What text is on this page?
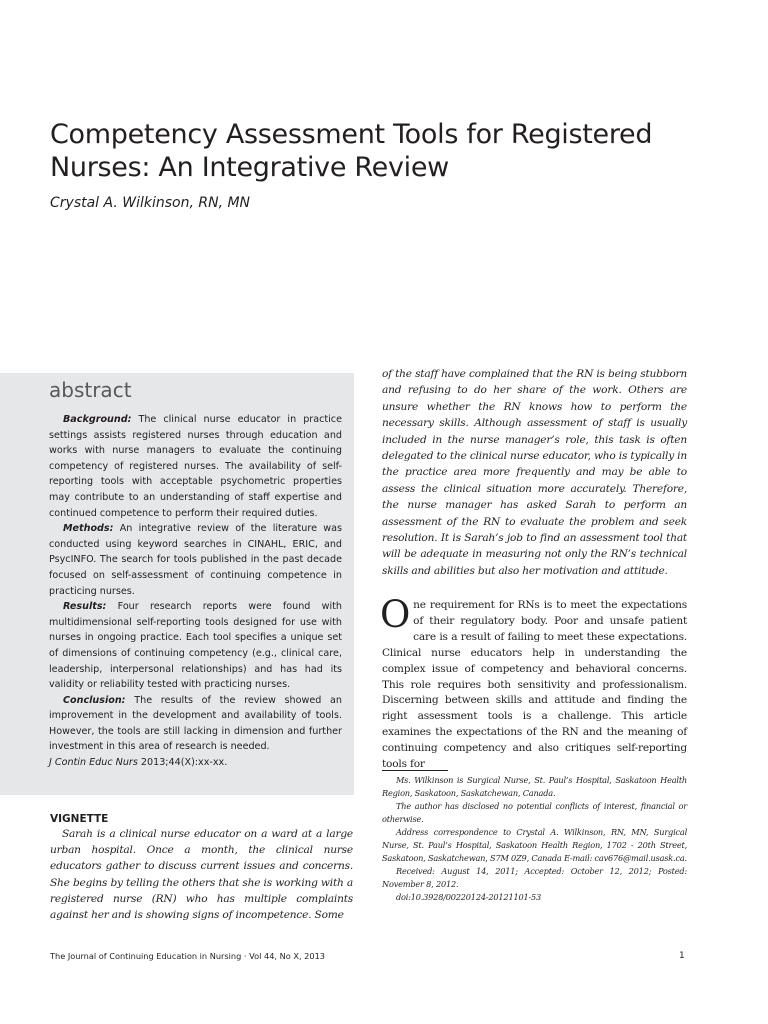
Competency Assessment Tools for Registered Nurses: An Integrative Review
Crystal A. Wilkinson, RN, MN
abstract

Background: The clinical nurse educator in practice settings assists registered nurses through education and works with nurse managers to evaluate the continuing competency of registered nurses. The availability of self-reporting tools with acceptable psychometric properties may contribute to an understanding of staff expertise and continued competence to perform their required duties.

Methods: An integrative review of the literature was conducted using keyword searches in CINAHL, ERIC, and PsycINFO. The search for tools published in the past decade focused on self-assessment of continuing competence in practicing nurses.

Results: Four research reports were found with multidimensional self-reporting tools designed for use with nurses in ongoing practice. Each tool specifies a unique set of dimensions of continuing competency (e.g., clinical care, leadership, interpersonal relationships) and has had its validity or reliability tested with practicing nurses.

Conclusion: The results of the review showed an improvement in the development and availability of tools. However, the tools are still lacking in dimension and further investment in this area of research is needed.

J Contin Educ Nurs 2013;44(X):xx-xx.

VIGNETTE

Sarah is a clinical nurse educator on a ward at a large urban hospital. Once a month, the clinical nurse educators gather to discuss current issues and concerns. She begins by telling the others that she is working with a registered nurse (RN) who has multiple complaints against her and is showing signs of incompetence. Some

of the staff have complained that the RN is being stubborn and refusing to do her share of the work. Others are unsure whether the RN knows how to perform the necessary skills. Although assessment of staff is usually included in the nurse manager’s role, this task is often delegated to the clinical nurse educator, who is typically in the practice area more frequently and may be able to assess the clinical situation more accurately. Therefore, the nurse manager has asked Sarah to perform an assessment of the RN to evaluate the problem and seek resolution. It is Sarah’s job to find an assessment tool that will be adequate in measuring not only the RN’s technical skills and abilities but also her motivation and attitude.

One requirement for RNs is to meet the expectations of their regulatory body. Poor and unsafe patient care is a result of failing to meet these expectations. Clinical nurse educators help in understanding the complex issue of competency and behavioral concerns. This role requires both sensitivity and professionalism. Discerning between skills and attitude and finding the right assessment tools is a challenge. This article examines the expectations of the RN and the meaning of continuing competency and also critiques self-reporting tools for

Ms. Wilkinson is Surgical Nurse, St. Paul’s Hospital, Saskatoon Health Region, Saskatoon, Saskatchewan, Canada.

The author has disclosed no potential conflicts of interest, financial or otherwise.

Address correspondence to Crystal A. Wilkinson, RN, MN, Surgical Nurse, St. Paul’s Hospital, Saskatoon Health Region, 1702 - 20th Street, Saskatoon, Saskatchewan, S7M 0Z9, Canada E-mail: cav676@mail.usask.ca.

Received: August 14, 2011; Accepted: October 12, 2012; Posted: November 8, 2012.

doi:10.3928/00220124-20121101-53

The Journal of Continuing Education in Nursing · Vol 44, No X, 2013	1
